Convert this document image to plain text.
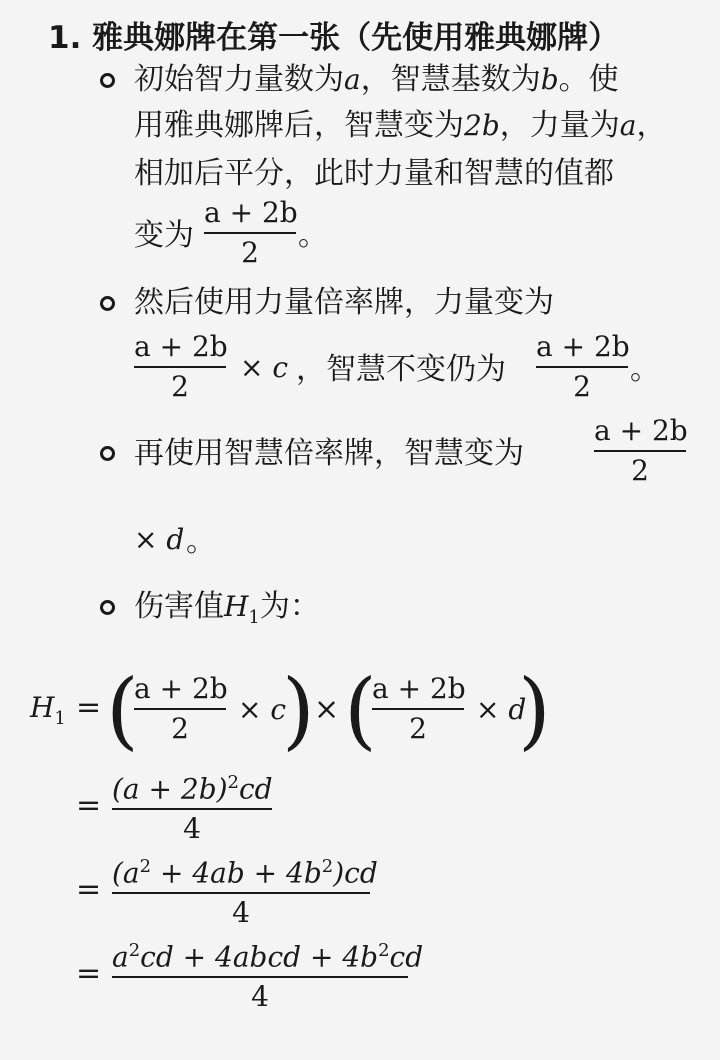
1. 雅典娜牌在第一张（先使用雅典娜牌）
初始智力量数为a，智慧基数为b。使
用雅典娜牌后，智慧变为2b，力量为a，
相加后平分，此时力量和智慧的值都
变为
a + 2b
2	。
然后使用力量倍率牌，力量变为
a + 2b
2
× c ，智慧不变仍为
a + 2b
2	。
再使用智慧倍率牌，智慧变为
a + 2b
2
× d 。
伤害值$H_1$为：
$H_1$ = (
a + 2b
2
× c
) × (
a + 2b
2
× d
)
= $(a + 2b)^2cd$
4
= $(a^2 + 4ab + 4b^2)cd$
4
= $a^2cd$ + 4abcd + $4b^2cd$
4
